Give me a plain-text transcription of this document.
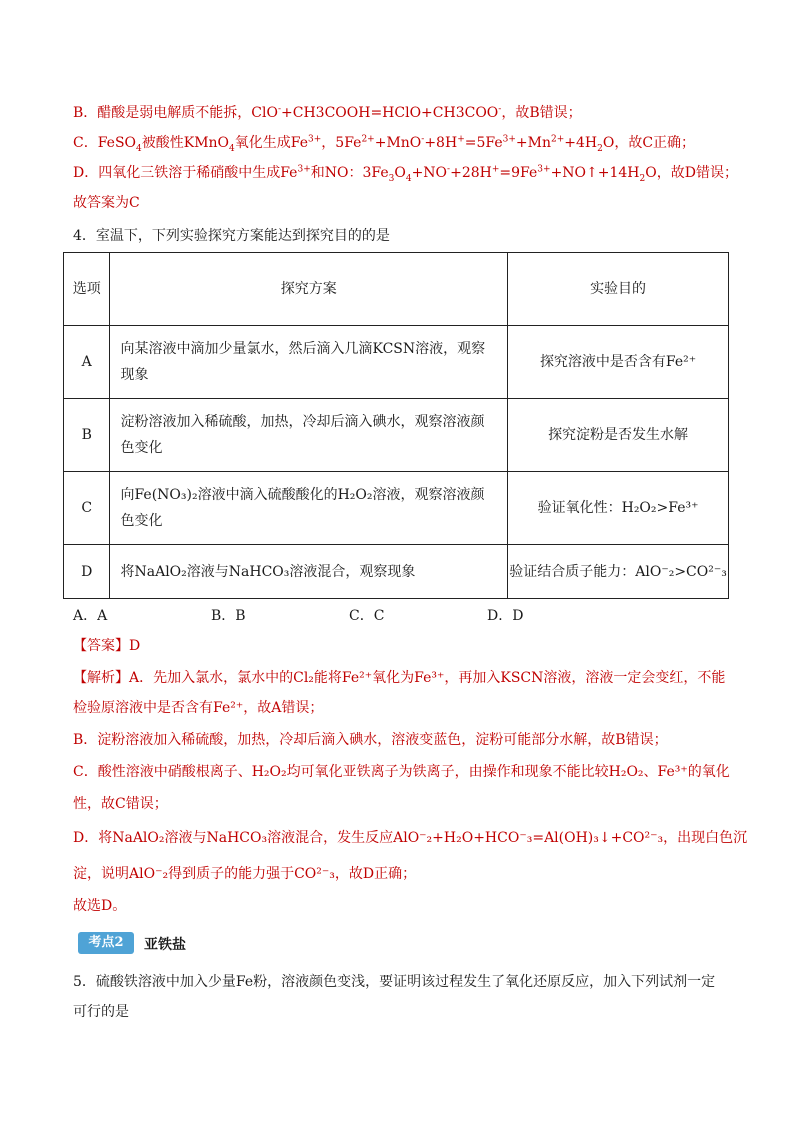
B．醋酸是弱电解质不能拆，ClO-+CH3COOH=HClO+CH3COO-，故B错误；
C．FeSO$_4$被酸性KMnO$_4$氧化生成$Fe^{3+}$，$5Fe^{2+}+MnO^-+8H^+=5Fe^{3+}+Mn^{2+}+4H_2O$，故C正确；
D．四氧化三铁溶于稀硝酸中生成$Fe^{3+}$和NO：$3Fe_3O_4+NO^-+28H^+=9Fe^{3+}+NO↑+14H_2O$，故D错误；
故答案为C
4．室温下，下列实验探究方案能达到探究目的的是
选项	探究方案	实验目的
A	向某溶液中滴加少量氯水，然后滴入几滴KCSN溶液，观察现象	探究溶液中是否含有Fe²⁺
B	淀粉溶液加入稀硫酸，加热，冷却后滴入碘水，观察溶液颜色变化	探究淀粉是否发生水解
C	向Fe(NO₃)₂溶液中滴入硫酸酸化的H₂O₂溶液，观察溶液颜色变化	验证氧化性：H₂O₂>Fe³⁺
D	将NaAlO₂溶液与NaHCO₃溶液混合，观察现象	验证结合质子能力：AlO⁻₂>CO²⁻₃
A．A	B．B	C．C	D．D
【答案】D
【解析】A．先加入氯水，氯水中的Cl₂能将Fe²⁺氧化为Fe³⁺，再加入KSCN溶液，溶液一定会变红，不能
检验原溶液中是否含有Fe²⁺，故A错误；
B．淀粉溶液加入稀硫酸，加热，冷却后滴入碘水，溶液变蓝色，淀粉可能部分水解，故B错误；
C．酸性溶液中硝酸根离子、H₂O₂均可氧化亚铁离子为铁离子，由操作和现象不能比较H₂O₂、Fe³⁺的氧化
性，故C错误；
D．将NaAlO₂溶液与NaHCO₃溶液混合，发生反应AlO⁻₂+H₂O+HCO⁻₃=Al(OH)₃↓+CO²⁻₃，出现白色沉
淀，说明AlO⁻₂得到质子的能力强于CO²⁻₃，故D正确；
故选D。
考点2	亚铁盐
5．硫酸铁溶液中加入少量Fe粉，溶液颜色变浅，要证明该过程发生了氧化还原反应，加入下列试剂一定
可行的是
